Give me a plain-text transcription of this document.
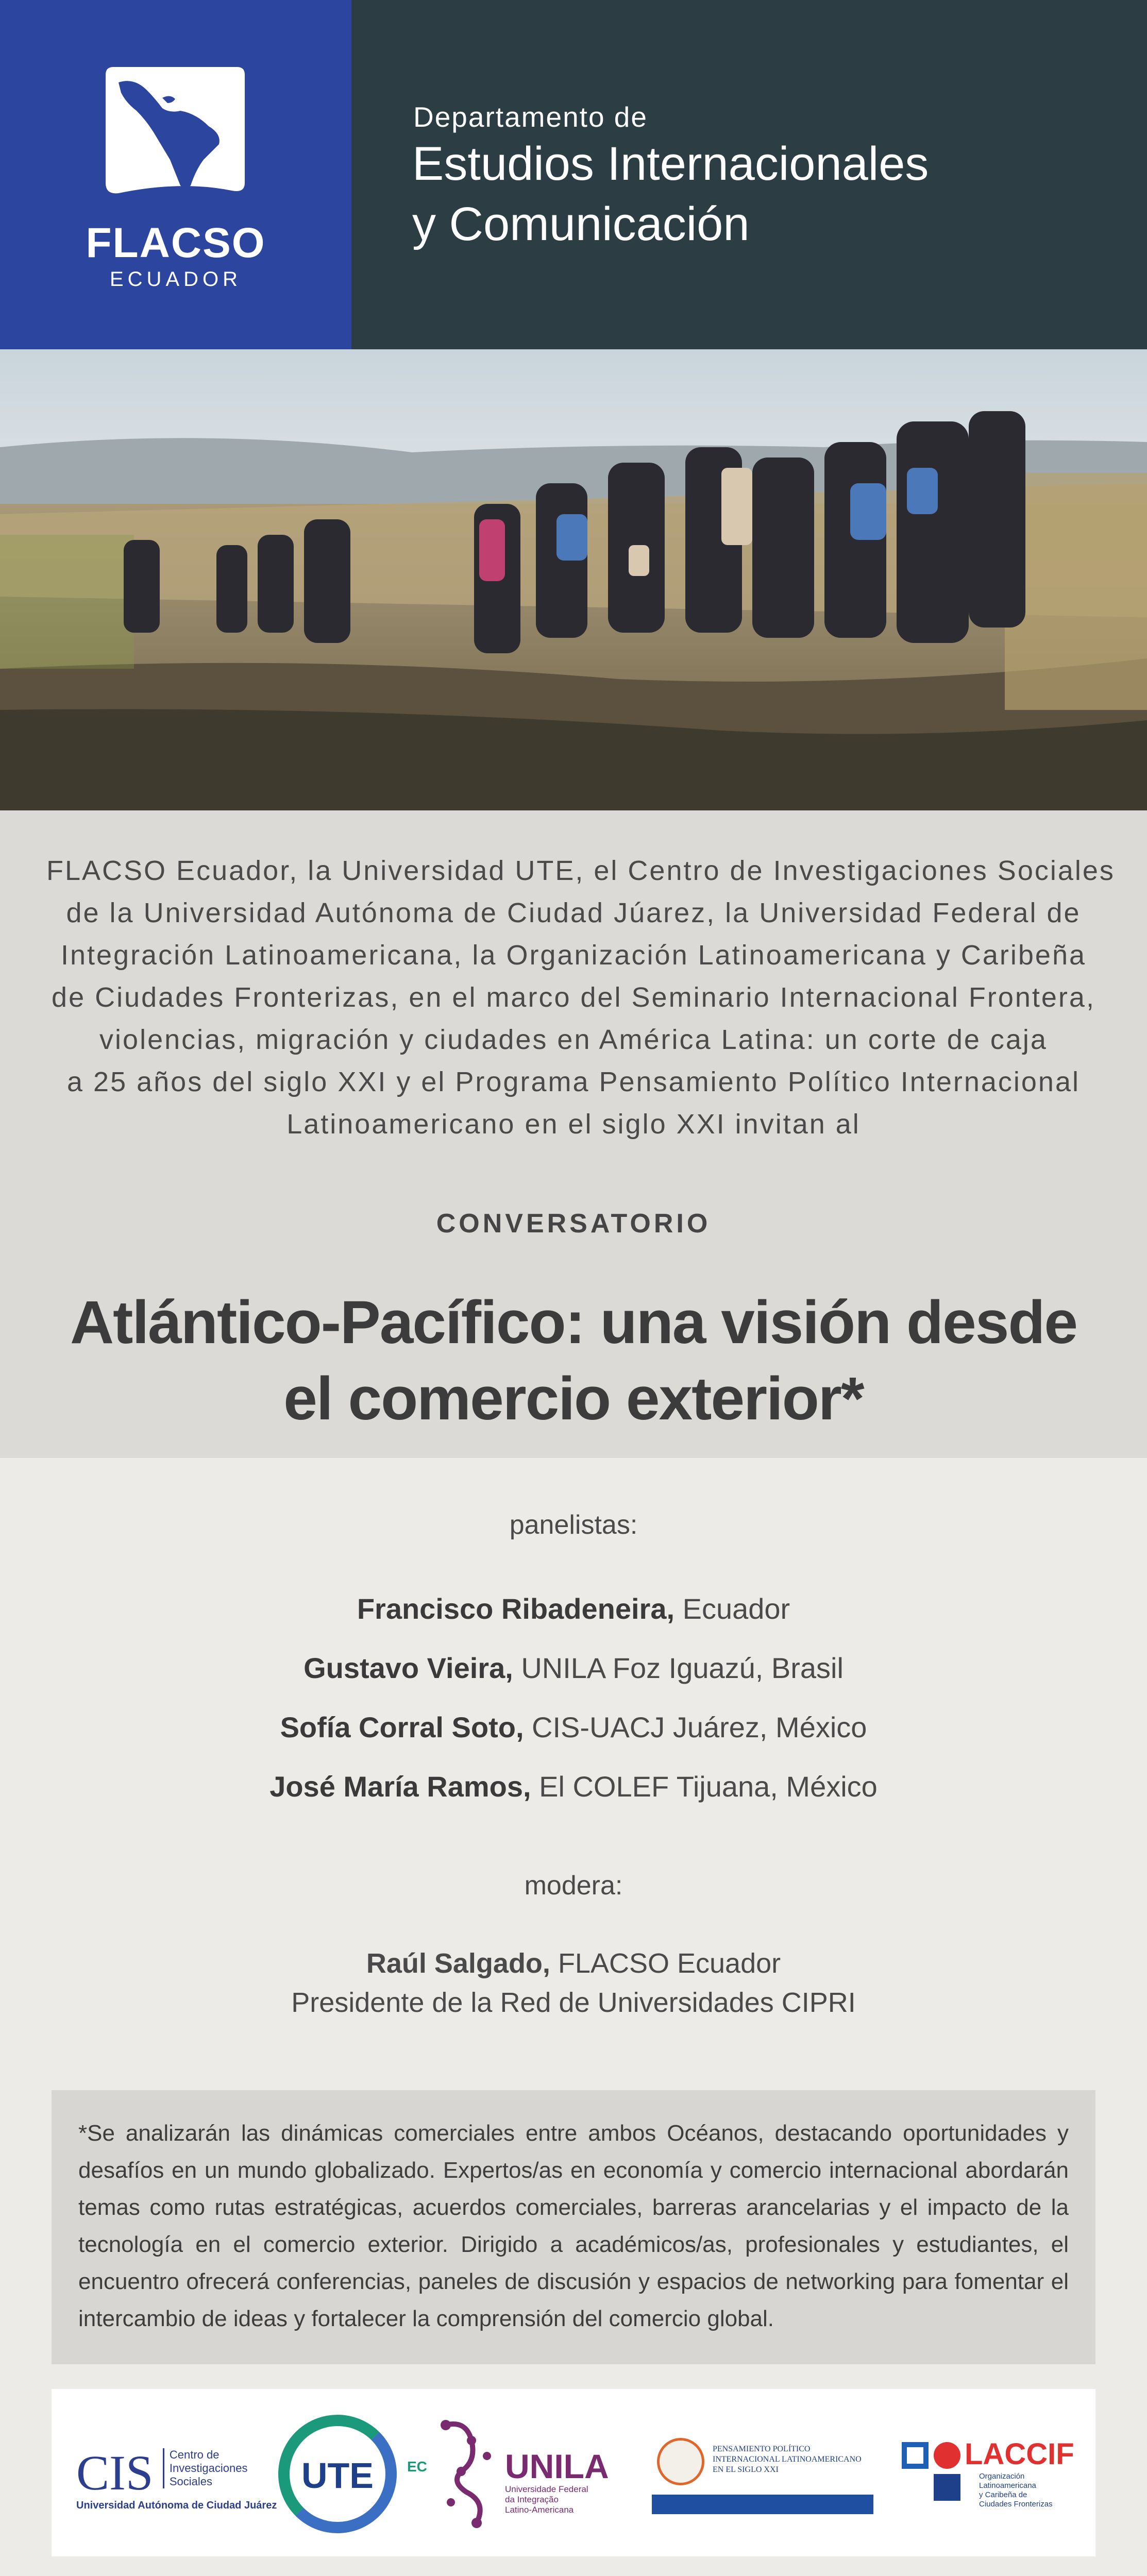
FLACSO
ECUADOR
Departamento de
Estudios Internacionales
y Comunicación
FLACSO Ecuador, la Universidad UTE, el Centro de Investigaciones Sociales
de la Universidad Autónoma de Ciudad Júarez, la Universidad Federal de
Integración Latinoamericana, la Organización Latinoamericana y Caribeña
de Ciudades Fronterizas, en el marco del Seminario Internacional Frontera,
violencias, migración y ciudades en América Latina: un corte de caja
a 25 años del siglo XXI y el Programa Pensamiento Político Internacional
Latinoamericano en el siglo XXI invitan al
CONVERSATORIO
Atlántico-Pacífico: una visión desde
el comercio exterior*
panelistas:
Francisco Ribadeneira, Ecuador
Gustavo Vieira, UNILA Foz Iguazú, Brasil
Sofía Corral Soto, CIS-UACJ Juárez, México
José María Ramos, El COLEF Tijuana, México
modera:
Raúl Salgado, FLACSO Ecuador
Presidente de la Red de Universidades CIPRI
*Se analizarán las dinámicas comerciales entre ambos Océanos, destacando oportunidades y desafíos en un mundo globalizado. Expertos/as en economía y comercio internacional abordarán temas como rutas estratégicas, acuerdos comerciales, barreras arancelarias y el impacto de la tecnología en el comercio exterior. Dirigido a académicos/as, profesionales y estudiantes, el encuentro ofrecerá conferencias, paneles de discusión y espacios de networking para fomentar el intercambio de ideas y fortalecer la comprensión del comercio global.
CIS Centro de
Investigaciones
Sociales
Universidad Autónoma de Ciudad Juárez
UTE	EC UNILA
Universidade Federal
da Integração
Latino-Americana
PENSAMIENTO POLÍTICO
INTERNACIONAL LATINOAMERICANO
EN EL SIGLO XXI	LACCIF
Organización
Latinoamericana
y Caribeña de
Ciudades Fronterizas
